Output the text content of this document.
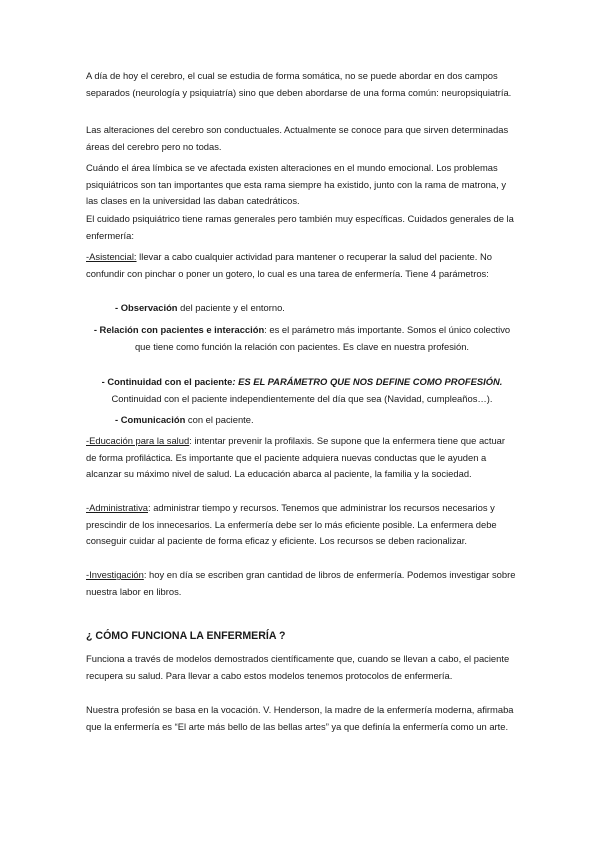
A día de hoy el cerebro, el cual se estudia de forma somática, no se puede abordar en dos campos separados (neurología y psiquiatría) sino que deben abordarse de una forma común: neuropsiquiatría.

Las alteraciones del cerebro son conductuales. Actualmente se conoce para que sirven determinadas áreas del cerebro pero no todas.

Cuándo el área límbica se ve afectada existen alteraciones en el mundo emocional. Los problemas psiquiátricos son tan importantes que esta rama siempre ha existido, junto con la rama de matrona, y las clases en la universidad las daban catedráticos.

El cuidado psiquiátrico tiene ramas generales pero también muy específicas. Cuidados generales de la enfermería:

-Asistencial: llevar a cabo cualquier actividad para mantener o recuperar la salud del paciente. No confundir con pinchar o poner un gotero, lo cual es una tarea de enfermería. Tiene 4 parámetros:

- Observación del paciente y el entorno.

- Relación con pacientes e interacción: es el parámetro más importante. Somos el único colectivo que tiene como función la relación con pacientes. Es clave en nuestra profesión.

- Continuidad con el paciente: ES EL PARÁMETRO QUE NOS DEFINE COMO PROFESIÓN.
Continuidad con el paciente independientemente del día que sea (Navidad, cumpleaños…).

- Comunicación con el paciente.

-Educación para la salud: intentar prevenir la profilaxis. Se supone que la enfermera tiene que actuar de forma profiláctica. Es importante que el paciente adquiera nuevas conductas que le ayuden a alcanzar su máximo nivel de salud. La educación abarca al paciente, la familia y la sociedad.

-Administrativa: administrar tiempo y recursos. Tenemos que administrar los recursos necesarios y prescindir de los innecesarios. La enfermería debe ser lo más eficiente posible. La enfermera debe conseguir cuidar al paciente de forma eficaz y eficiente. Los recursos se deben racionalizar.

-Investigación: hoy en día se escriben gran cantidad de libros de enfermería. Podemos investigar sobre nuestra labor en libros.

¿ CÓMO FUNCIONA LA ENFERMERÍA ?

Funciona a través de modelos demostrados científicamente que, cuando se llevan a cabo, el paciente recupera su salud. Para llevar a cabo estos modelos tenemos protocolos de enfermería.

Nuestra profesión se basa en la vocación. V. Henderson, la madre de la enfermería moderna, afirmaba que la enfermería es “El arte más bello de las bellas artes” ya que definía la enfermería como un arte.
